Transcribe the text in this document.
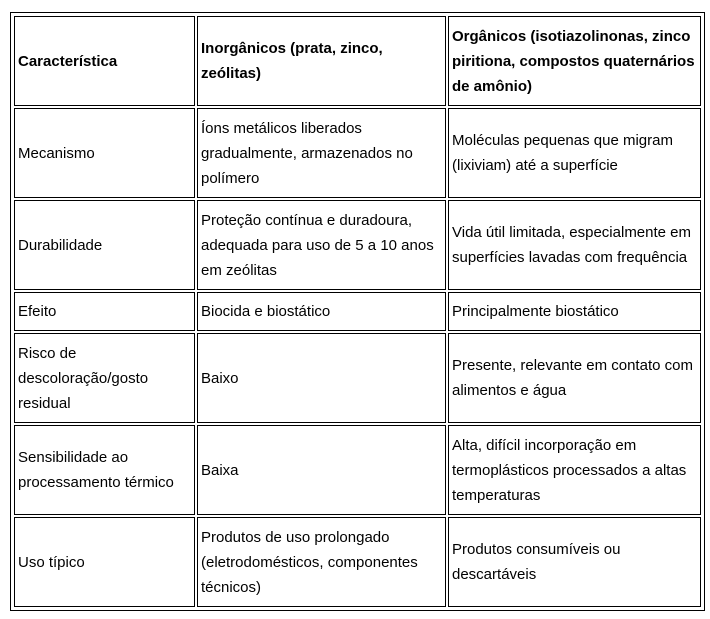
Característica	Inorgânicos (prata, zinco, zeólitas)	Orgânicos (isotiazolinonas, zinco piritiona, compostos quaternários de amônio)
Mecanismo	Íons metálicos liberados gradualmente, armazenados no polímero	Moléculas pequenas que migram (lixiviam) até a superfície
Durabilidade	Proteção contínua e duradoura, adequada para uso de 5 a 10 anos em zeólitas	Vida útil limitada, especialmente em superfícies lavadas com frequência
Efeito	Biocida e biostático	Principalmente biostático
Risco de descoloração/gosto residual	Baixo	Presente, relevante em contato com alimentos e água
Sensibilidade ao processamento térmico	Baixa	Alta, difícil incorporação em termoplásticos processados a altas temperaturas
Uso típico	Produtos de uso prolongado (eletrodomésticos, componentes técnicos)	Produtos consumíveis ou descartáveis
